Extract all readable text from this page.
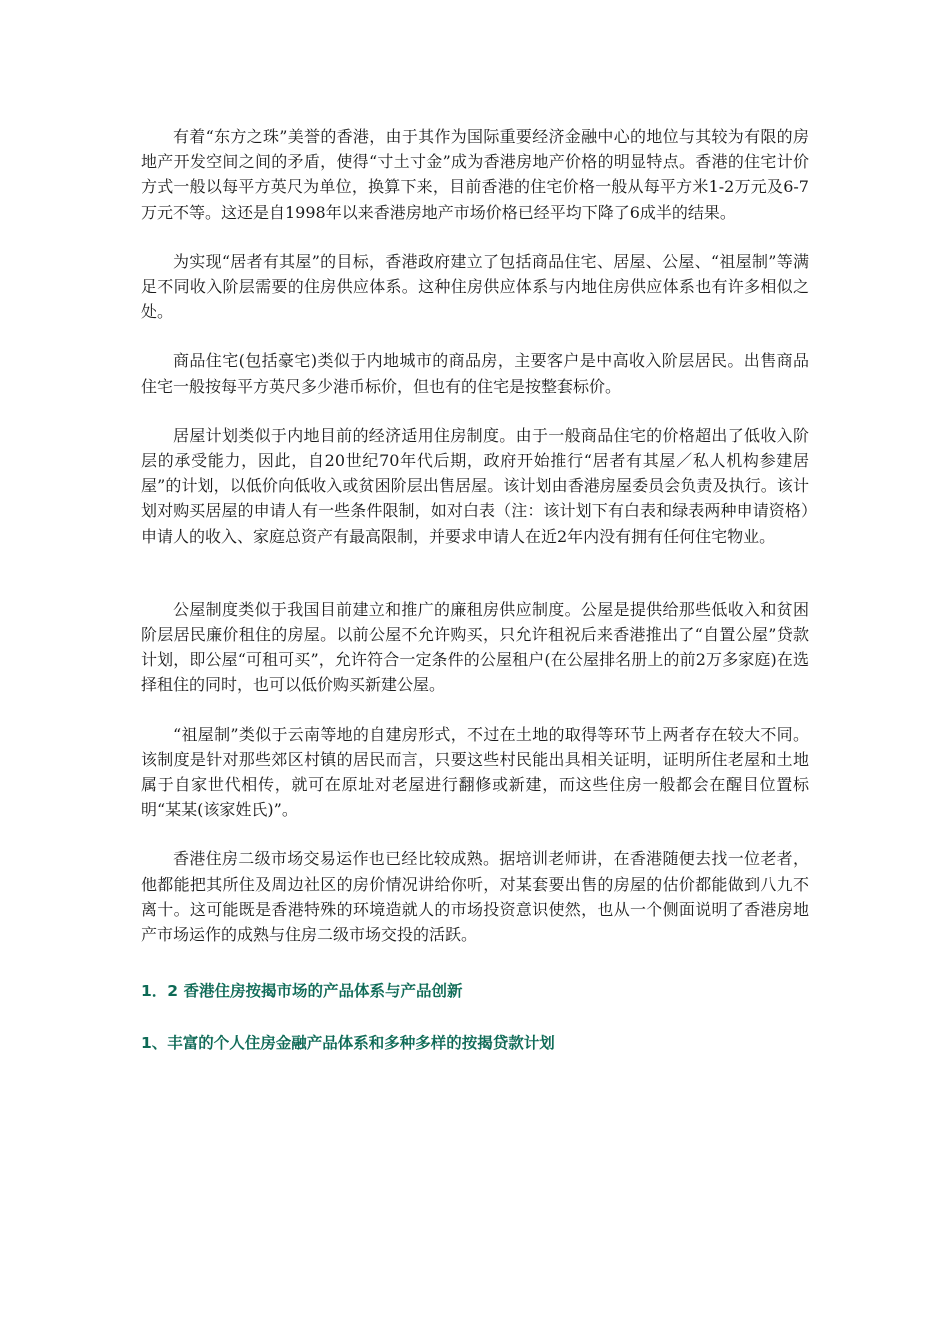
有着“东方之珠”美誉的香港，由于其作为国际重要经济金融中心的地位与其较为有限的房地产开发空间之间的矛盾，使得“寸土寸金”成为香港房地产价格的明显特点。香港的住宅计价方式一般以每平方英尺为单位，换算下来，目前香港的住宅价格一般从每平方米1-2万元及6-7万元不等。这还是自1998年以来香港房地产市场价格已经平均下降了6成半的结果。

为实现“居者有其屋”的目标，香港政府建立了包括商品住宅、居屋、公屋、“祖屋制”等满足不同收入阶层需要的住房供应体系。这种住房供应体系与内地住房供应体系也有许多相似之处。

商品住宅(包括豪宅)类似于内地城市的商品房，主要客户是中高收入阶层居民。出售商品住宅一般按每平方英尺多少港币标价，但也有的住宅是按整套标价。

居屋计划类似于内地目前的经济适用住房制度。由于一般商品住宅的价格超出了低收入阶层的承受能力，因此，自20世纪70年代后期，政府开始推行“居者有其屋／私人机构参建居屋”的计划，以低价向低收入或贫困阶层出售居屋。该计划由香港房屋委员会负责及执行。该计划对购买居屋的申请人有一些条件限制，如对白表（注：该计划下有白表和绿表两种申请资格）申请人的收入、家庭总资产有最高限制，并要求申请人在近2年内没有拥有任何住宅物业。

公屋制度类似于我国目前建立和推广的廉租房供应制度。公屋是提供给那些低收入和贫困阶层居民廉价租住的房屋。以前公屋不允许购买，只允许租祝后来香港推出了“自置公屋”贷款计划，即公屋“可租可买”，允许符合一定条件的公屋租户(在公屋排名册上的前2万多家庭)在选择租住的同时，也可以低价购买新建公屋。

“祖屋制”类似于云南等地的自建房形式，不过在土地的取得等环节上两者存在较大不同。该制度是针对那些郊区村镇的居民而言，只要这些村民能出具相关证明，证明所住老屋和土地属于自家世代相传，就可在原址对老屋进行翻修或新建，而这些住房一般都会在醒目位置标明“某某(该家姓氏)”。

香港住房二级市场交易运作也已经比较成熟。据培训老师讲，在香港随便去找一位老者，他都能把其所住及周边社区的房价情况讲给你听，对某套要出售的房屋的估价都能做到八九不离十。这可能既是香港特殊的环境造就人的市场投资意识使然，也从一个侧面说明了香港房地产市场运作的成熟与住房二级市场交投的活跃。

1．2 香港住房按揭市场的产品体系与产品创新
1、丰富的个人住房金融产品体系和多种多样的按揭贷款计划
